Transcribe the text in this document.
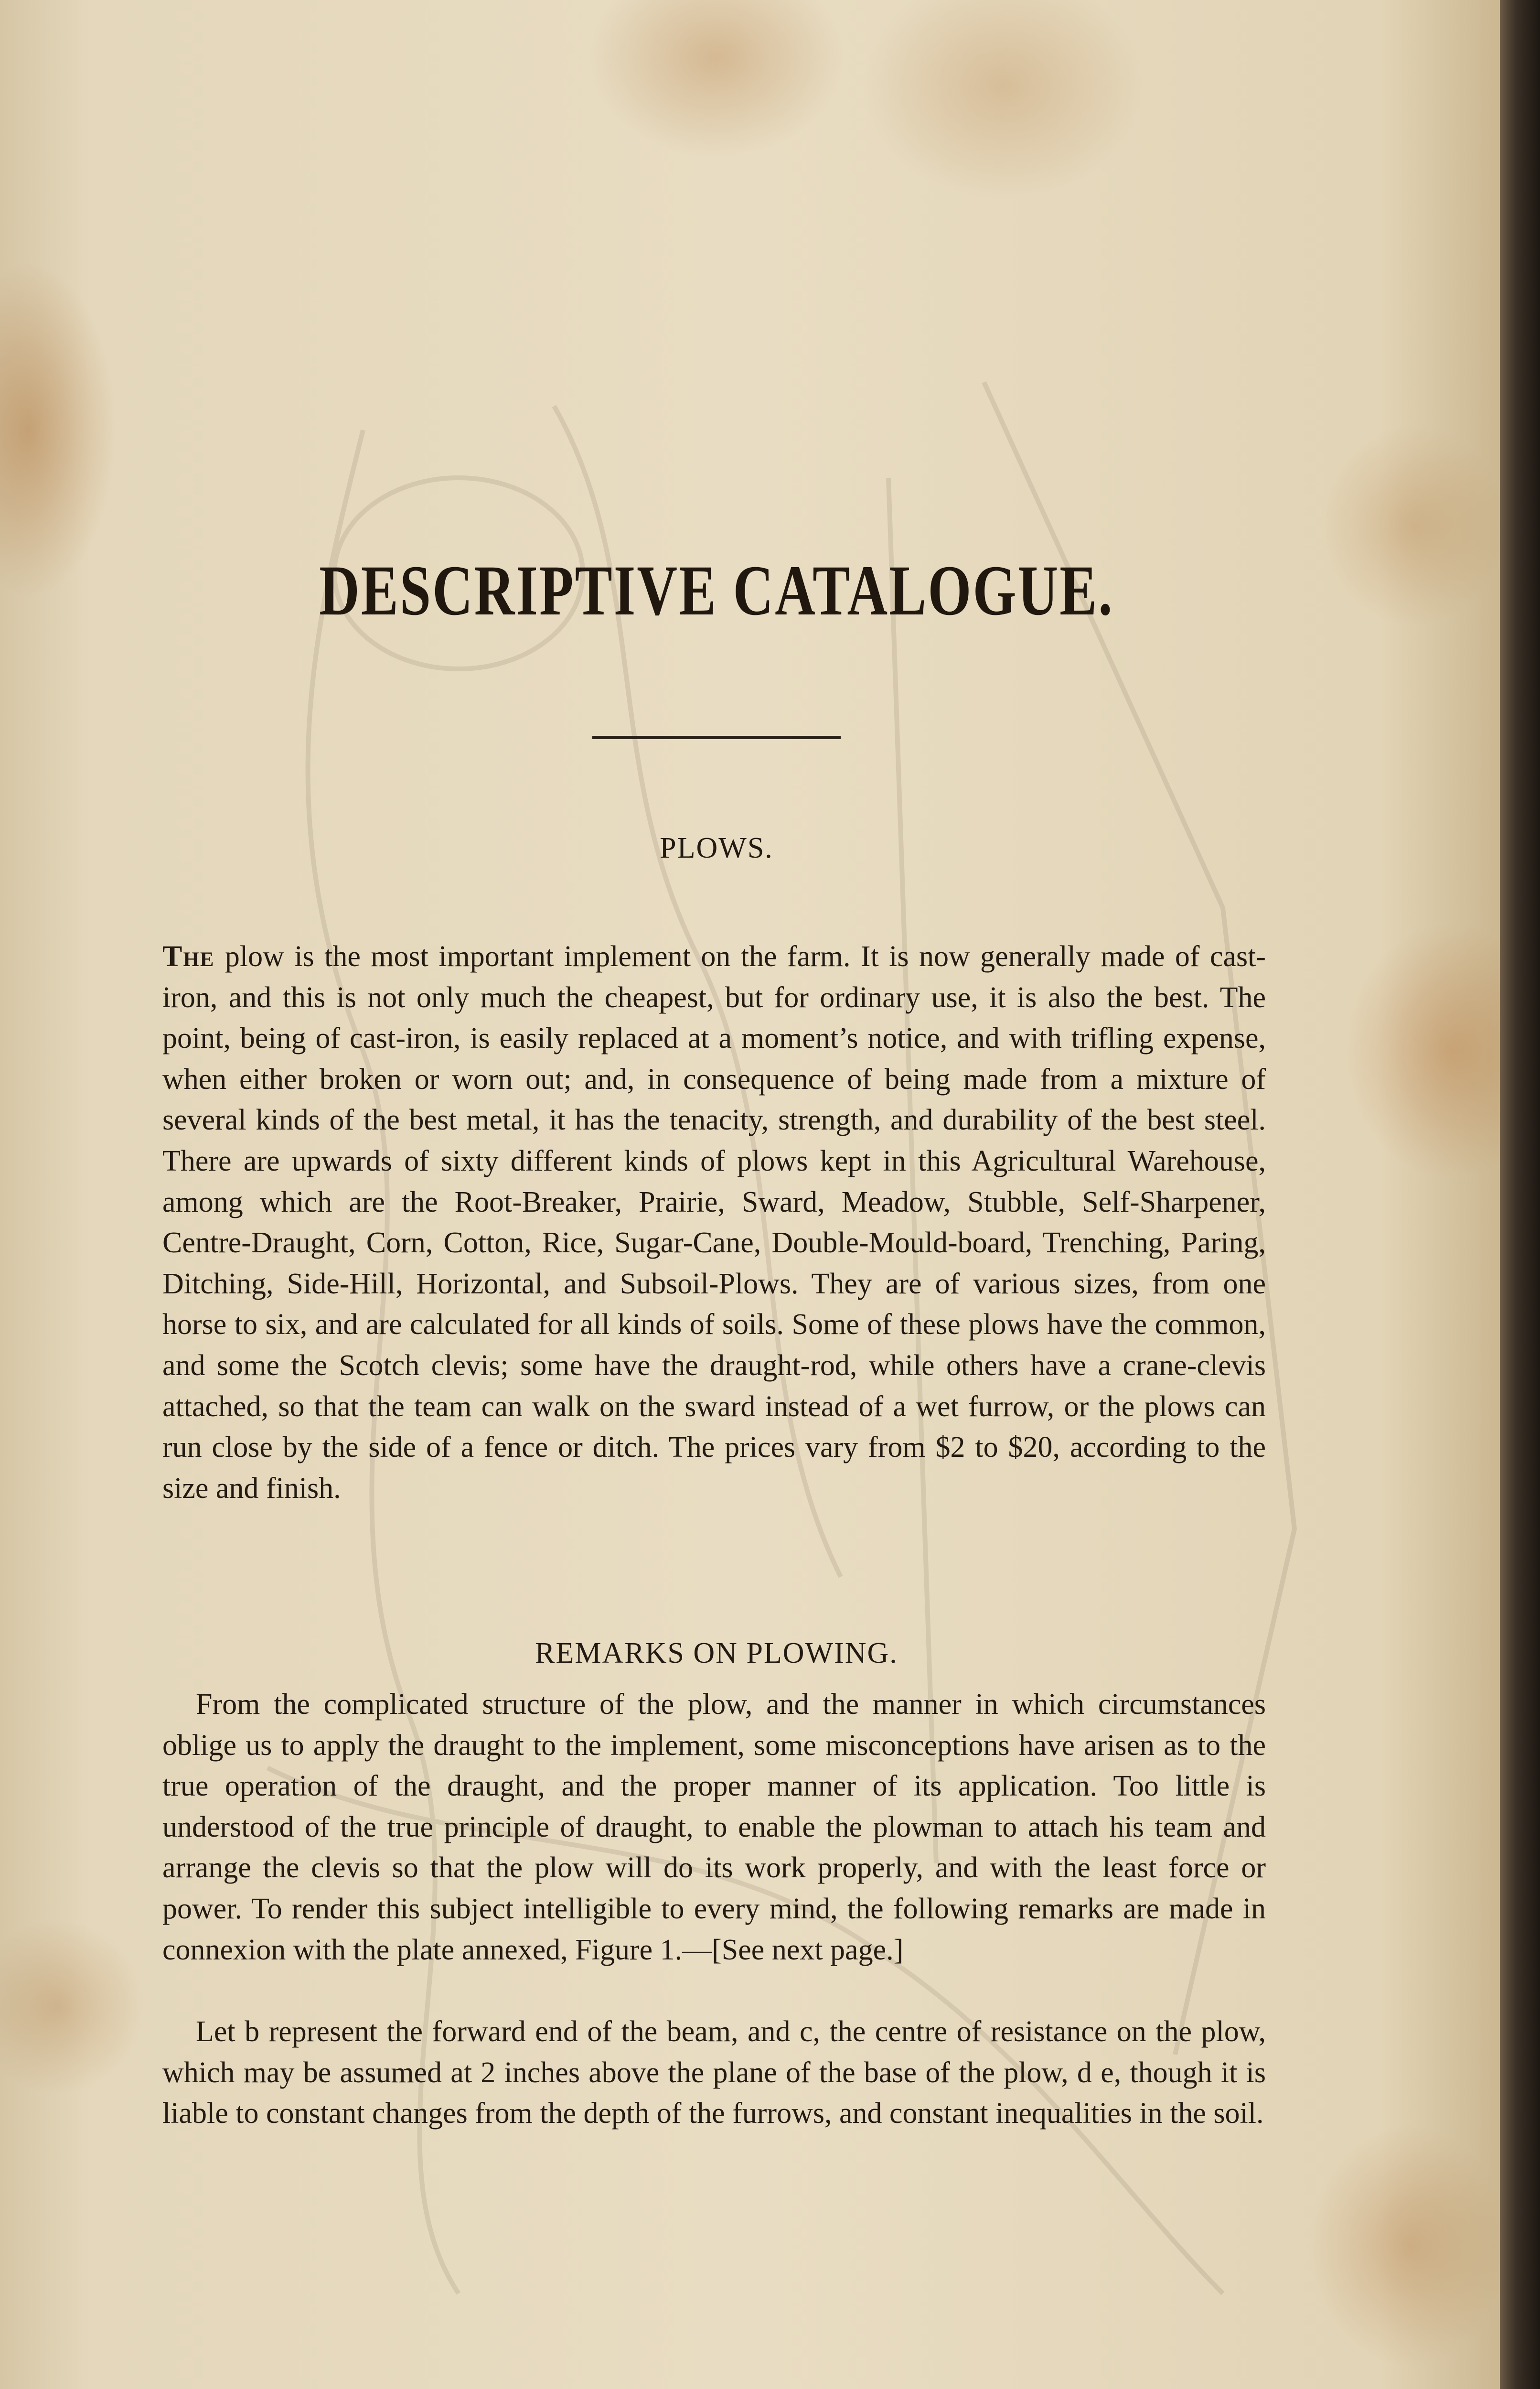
DESCRIPTIVE CATALOGUE.
PLOWS.

The plow is the most important implement on the farm. It is now generally made of cast-iron, and this is not only much the cheapest, but for ordinary use, it is also the best. The point, being of cast-iron, is easily replaced at a moment’s notice, and with trifling expense, when either broken or worn out; and, in consequence of being made from a mixture of several kinds of the best metal, it has the tenacity, strength, and durability of the best steel. There are upwards of sixty different kinds of plows kept in this Agricultural Warehouse, among which are the Root-Breaker, Prairie, Sward, Meadow, Stubble, Self-Sharpener, Centre-Draught, Corn, Cotton, Rice, Sugar-Cane, Double-Mould-board, Trenching, Paring, Ditching, Side-Hill, Horizontal, and Subsoil-Plows. They are of various sizes, from one horse to six, and are calculated for all kinds of soils. Some of these plows have the common, and some the Scotch clevis; some have the draught-rod, while others have a crane-clevis attached, so that the team can walk on the sward instead of a wet furrow, or the plows can run close by the side of a fence or ditch. The prices vary from $2 to $20, according to the size and finish.

REMARKS ON PLOWING.

From the complicated structure of the plow, and the manner in which circumstances oblige us to apply the draught to the implement, some misconceptions have arisen as to the true operation of the draught, and the proper manner of its application. Too little is understood of the true principle of draught, to enable the plowman to attach his team and arrange the clevis so that the plow will do its work properly, and with the least force or power. To render this subject intelligible to every mind, the following remarks are made in connexion with the plate annexed, Figure 1.—[See next page.]

Let b represent the forward end of the beam, and c, the centre of resistance on the plow, which may be assumed at 2 inches above the plane of the base of the plow, d e, though it is liable to constant changes from the depth of the furrows, and constant inequalities in the soil.
